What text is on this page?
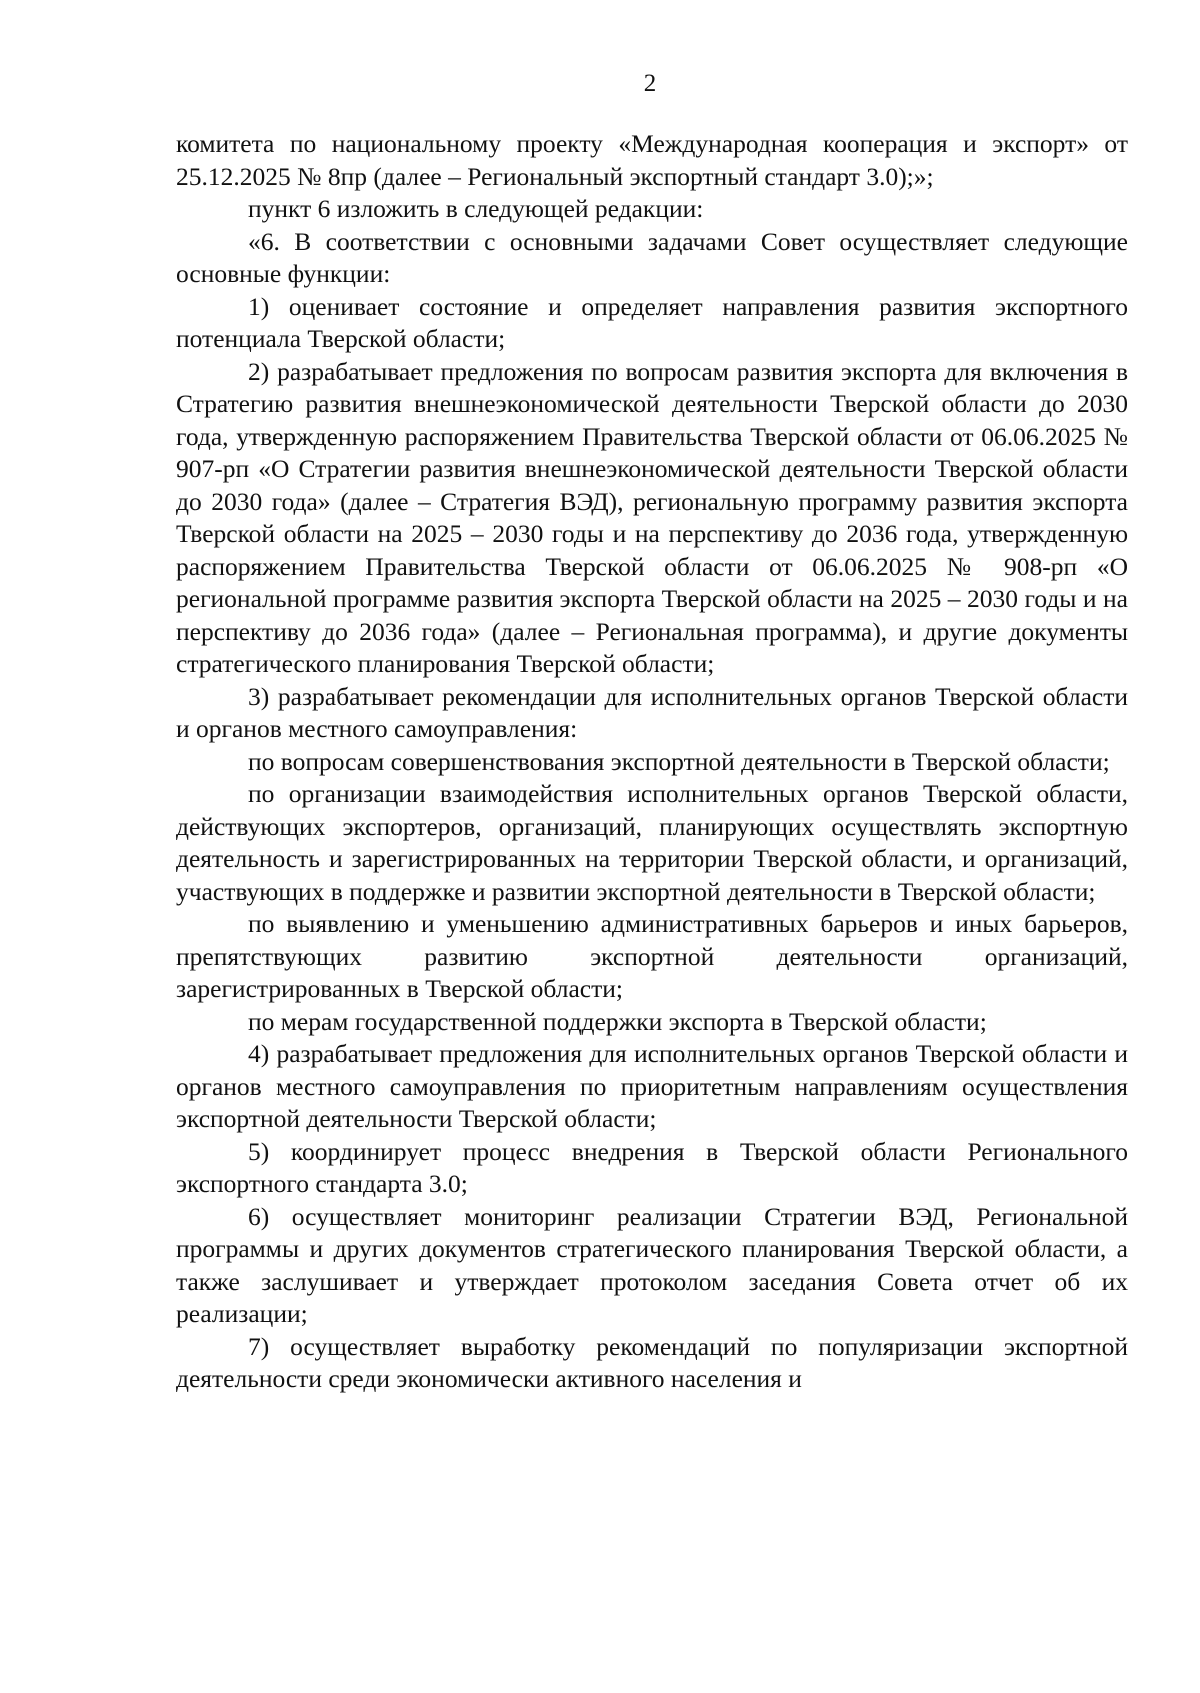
2

комитета по национальному проекту «Международная кооперация и экспорт» от 25.12.2025 № 8пр (далее – Региональный экспортный стандарт 3.0);»;

пункт 6 изложить в следующей редакции:

«6. В соответствии с основными задачами Совет осуществляет следующие основные функции:

1) оценивает состояние и определяет направления развития экспортного потенциала Тверской области;

2) разрабатывает предложения по вопросам развития экспорта для включения в Стратегию развития внешнеэкономической деятельности Тверской области до 2030 года, утвержденную распоряжением Правительства Тверской области от 06.06.2025 № 907-рп «О Стратегии развития внешнеэкономической деятельности Тверской области до 2030 года» (далее – Стратегия ВЭД), региональную программу развития экспорта Тверской области на 2025 – 2030 годы и на перспективу до 2036 года, утвержденную распоряжением Правительства Тверской области от 06.06.2025 № 908-рп «О региональной программе развития экспорта Тверской области на 2025 – 2030 годы и на перспективу до 2036 года» (далее – Региональная программа), и другие документы стратегического планирования Тверской области;

3) разрабатывает рекомендации для исполнительных органов Тверской области и органов местного самоуправления:

по вопросам совершенствования экспортной деятельности в Тверской области;

по организации взаимодействия исполнительных органов Тверской области, действующих экспортеров, организаций, планирующих осуществлять экспортную деятельность и зарегистрированных на территории Тверской области, и организаций, участвующих в поддержке и развитии экспортной деятельности в Тверской области;

по выявлению и уменьшению административных барьеров и иных барьеров, препятствующих развитию экспортной деятельности организаций, зарегистрированных в Тверской области;

по мерам государственной поддержки экспорта в Тверской области;

4) разрабатывает предложения для исполнительных органов Тверской области и органов местного самоуправления по приоритетным направлениям осуществления экспортной деятельности Тверской области;

5) координирует процесс внедрения в Тверской области Регионального экспортного стандарта 3.0;

6) осуществляет мониторинг реализации Стратегии ВЭД, Региональной программы и других документов стратегического планирования Тверской области, а также заслушивает и утверждает протоколом заседания Совета отчет об их реализации;

7) осуществляет выработку рекомендаций по популяризации экспортной деятельности среди экономически активного населения и
